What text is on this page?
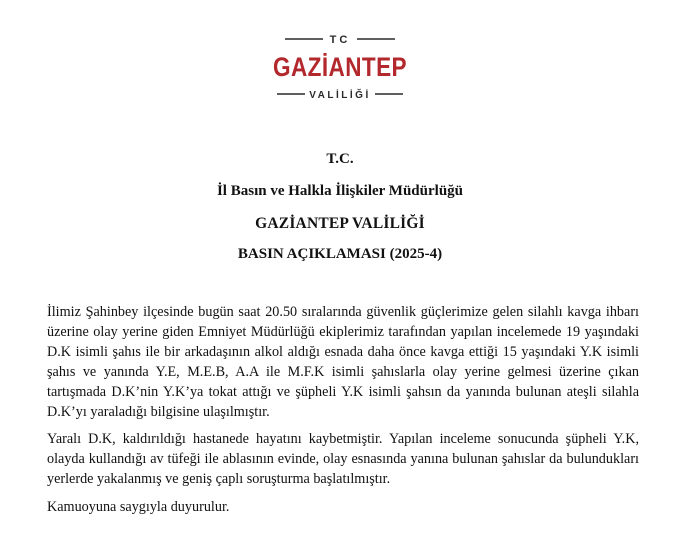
TC
GAZİANTEP
VALİLİĞİ
T.C.
İl Basın ve Halkla İlişkiler Müdürlüğü
GAZİANTEP VALİLİĞİ
BASIN AÇIKLAMASI (2025-4)
İlimiz Şahinbey ilçesinde bugün saat 20.50 sıralarında güvenlik güçlerimize gelen silahlı kavga ihbarı üzerine olay yerine giden Emniyet Müdürlüğü ekiplerimiz tarafından yapılan incelemede 19 yaşındaki D.K isimli şahıs ile bir arkadaşının alkol aldığı esnada daha önce kavga ettiği 15 yaşındaki Y.K isimli şahıs ve yanında Y.E, M.E.B, A.A ile M.F.K isimli şahıslarla olay yerine gelmesi üzerine çıkan tartışmada D.K’nin Y.K’ya tokat attığı ve şüpheli Y.K isimli şahsın da yanında bulunan ateşli silahla D.K’yı yaraladığı bilgisine ulaşılmıştır.
Yaralı D.K, kaldırıldığı hastanede hayatını kaybetmiştir. Yapılan inceleme sonucunda şüpheli Y.K, olayda kullandığı av tüfeği ile ablasının evinde, olay esnasında yanına bulunan şahıslar da bulundukları yerlerde yakalanmış ve geniş çaplı soruşturma başlatılmıştır.
Kamuoyuna saygıyla duyurulur.
